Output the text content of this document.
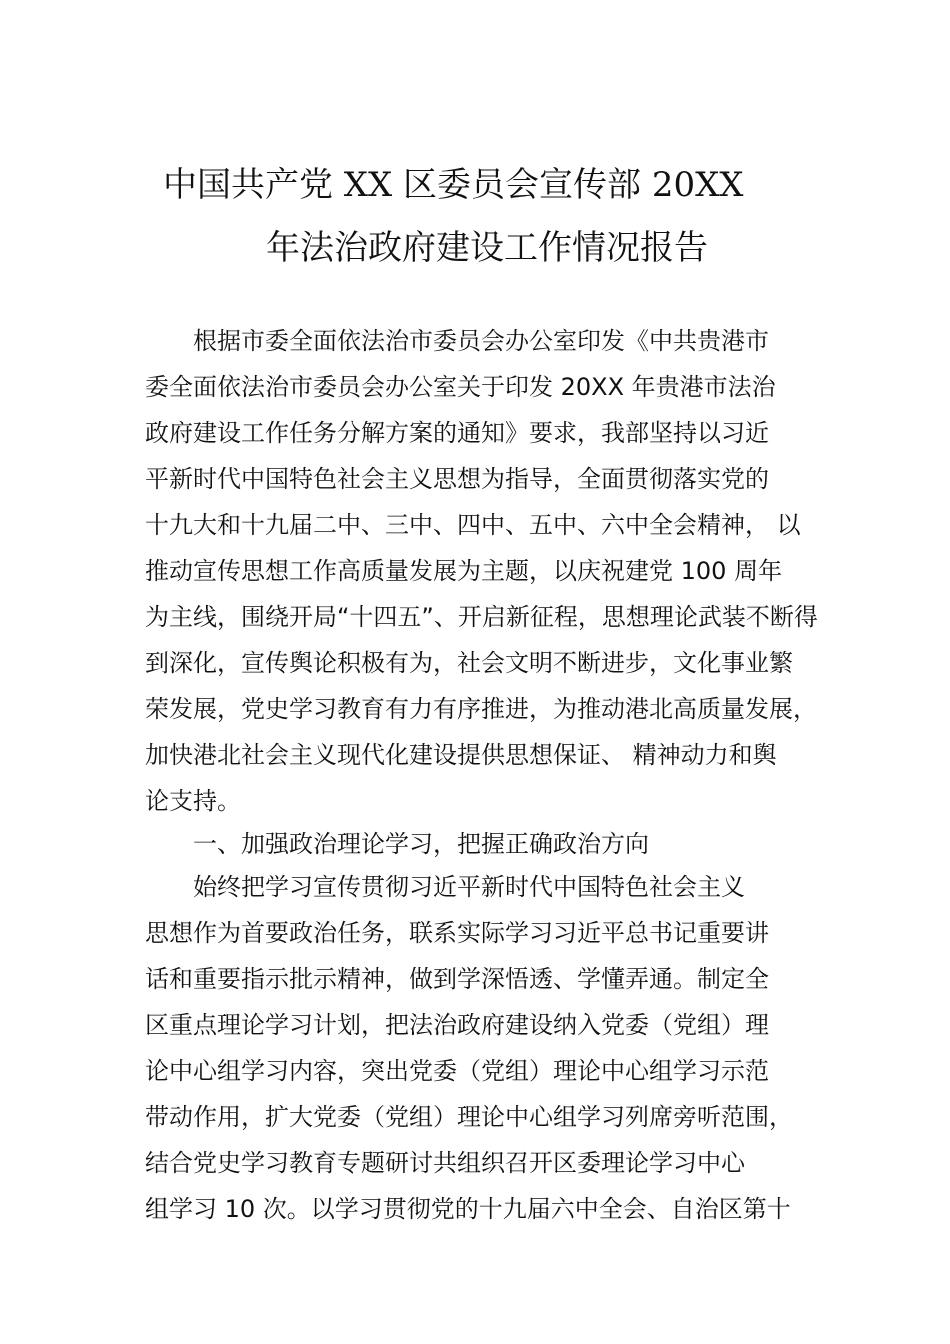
中国共产党 XX 区委员会宣传部 20XX
年法治政府建设工作情况报告
根据市委全面依法治市委员会办公室印发《中共贵港市
委全面依法治市委员会办公室关于印发 20XX 年贵港市法治
政府建设工作任务分解方案的通知》要求，我部坚持以习近
平新时代中国特色社会主义思想为指导，全面贯彻落实党的
十九大和十九届二中、三中、四中、五中、六中全会精神， 以
推动宣传思想工作高质量发展为主题，以庆祝建党 100 周年
为主线，围绕开局“十四五”、开启新征程，思想理论武装不断得
到深化，宣传舆论积极有为，社会文明不断进步，文化事业繁
荣发展，党史学习教育有力有序推进，为推动港北高质量发展，
加快港北社会主义现代化建设提供思想保证、 精神动力和舆
论支持。
一、加强政治理论学习，把握正确政治方向
始终把学习宣传贯彻习近平新时代中国特色社会主义
思想作为首要政治任务，联系实际学习习近平总书记重要讲
话和重要指示批示精神，做到学深悟透、学懂弄通。制定全
区重点理论学习计划，把法治政府建设纳入党委（党组）理
论中心组学习内容，突出党委（党组）理论中心组学习示范
带动作用，扩大党委（党组）理论中心组学习列席旁听范围，
结合党史学习教育专题研讨共组织召开区委理论学习中心
组学习 10 次。以学习贯彻党的十九届六中全会、自治区第十
